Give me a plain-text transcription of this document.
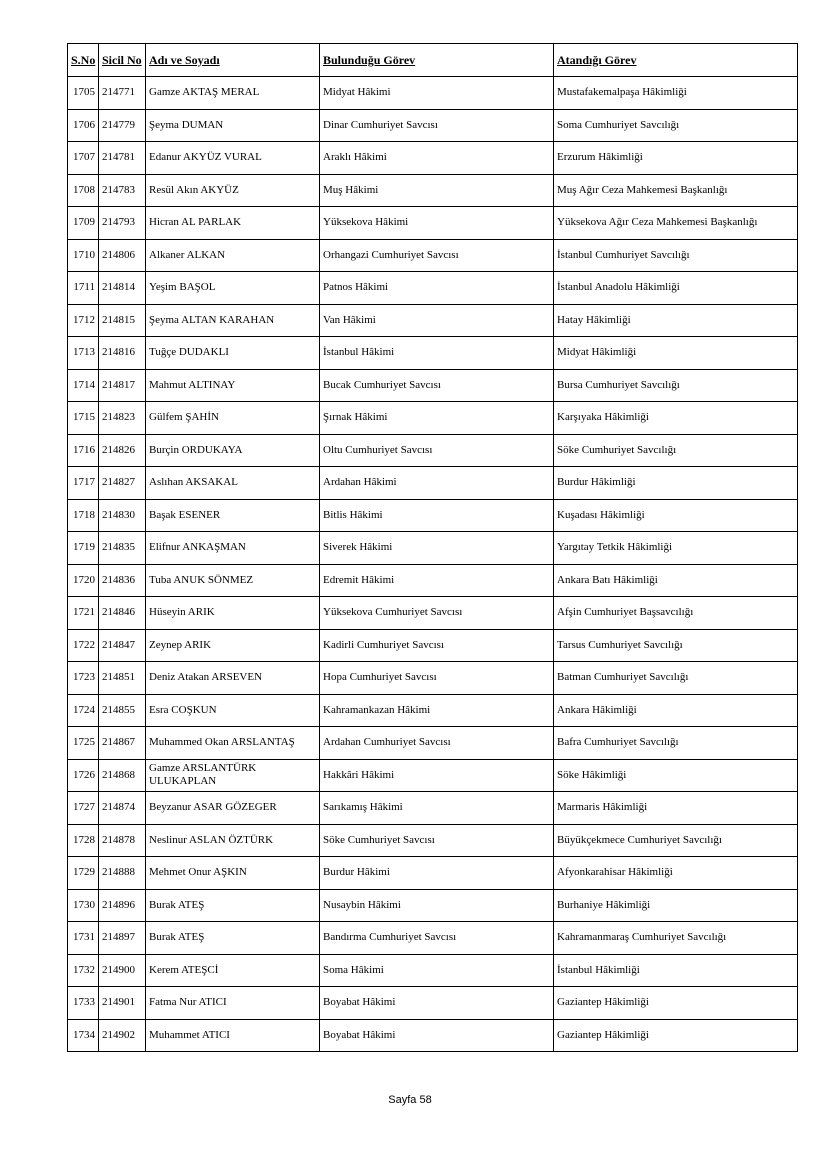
S.No	Sicil No	Adı ve Soyadı	Bulunduğu Görev	Atandığı Görev
1705	214771	Gamze AKTAŞ MERAL	Midyat Hâkimi	Mustafakemalpaşa Hâkimliği
1706	214779	Şeyma DUMAN	Dinar Cumhuriyet Savcısı	Soma Cumhuriyet Savcılığı
1707	214781	Edanur AKYÜZ VURAL	Araklı Hâkimi	Erzurum Hâkimliği
1708	214783	Resül Akın AKYÜZ	Muş Hâkimi	Muş Ağır Ceza Mahkemesi Başkanlığı
1709	214793	Hicran AL PARLAK	Yüksekova Hâkimi	Yüksekova Ağır Ceza Mahkemesi Başkanlığı
1710	214806	Alkaner ALKAN	Orhangazi Cumhuriyet Savcısı	İstanbul Cumhuriyet Savcılığı
1711	214814	Yeşim BAŞOL	Patnos Hâkimi	İstanbul Anadolu Hâkimliği
1712	214815	Şeyma ALTAN KARAHAN	Van Hâkimi	Hatay Hâkimliği
1713	214816	Tuğçe DUDAKLI	İstanbul Hâkimi	Midyat Hâkimliği
1714	214817	Mahmut ALTINAY	Bucak Cumhuriyet Savcısı	Bursa Cumhuriyet Savcılığı
1715	214823	Gülfem ŞAHİN	Şırnak Hâkimi	Karşıyaka Hâkimliği
1716	214826	Burçin ORDUKAYA	Oltu Cumhuriyet Savcısı	Söke Cumhuriyet Savcılığı
1717	214827	Aslıhan AKSAKAL	Ardahan Hâkimi	Burdur Hâkimliği
1718	214830	Başak ESENER	Bitlis Hâkimi	Kuşadası Hâkimliği
1719	214835	Elifnur ANKAŞMAN	Siverek Hâkimi	Yargıtay Tetkik Hâkimliği
1720	214836	Tuba ANUK SÖNMEZ	Edremit Hâkimi	Ankara Batı Hâkimliği
1721	214846	Hüseyin ARIK	Yüksekova Cumhuriyet Savcısı	Afşin Cumhuriyet Başsavcılığı
1722	214847	Zeynep ARIK	Kadirli Cumhuriyet Savcısı	Tarsus Cumhuriyet Savcılığı
1723	214851	Deniz Atakan ARSEVEN	Hopa Cumhuriyet Savcısı	Batman Cumhuriyet Savcılığı
1724	214855	Esra COŞKUN	Kahramankazan Hâkimi	Ankara Hâkimliği
1725	214867	Muhammed Okan ARSLANTAŞ	Ardahan Cumhuriyet Savcısı	Bafra Cumhuriyet Savcılığı
1726	214868	Gamze ARSLANTÜRK ULUKAPLAN	Hakkâri Hâkimi	Söke Hâkimliği
1727	214874	Beyzanur ASAR GÖZEGER	Sarıkamış Hâkimi	Marmaris Hâkimliği
1728	214878	Neslinur ASLAN ÖZTÜRK	Söke Cumhuriyet Savcısı	Büyükçekmece Cumhuriyet Savcılığı
1729	214888	Mehmet Onur AŞKIN	Burdur Hâkimi	Afyonkarahisar Hâkimliği
1730	214896	Burak ATEŞ	Nusaybin Hâkimi	Burhaniye Hâkimliği
1731	214897	Burak ATEŞ	Bandırma Cumhuriyet Savcısı	Kahramanmaraş Cumhuriyet Savcılığı
1732	214900	Kerem ATEŞCİ	Soma Hâkimi	İstanbul Hâkimliği
1733	214901	Fatma Nur ATICI	Boyabat Hâkimi	Gaziantep Hâkimliği
1734	214902	Muhammet ATICI	Boyabat Hâkimi	Gaziantep Hâkimliği
Sayfa 58
